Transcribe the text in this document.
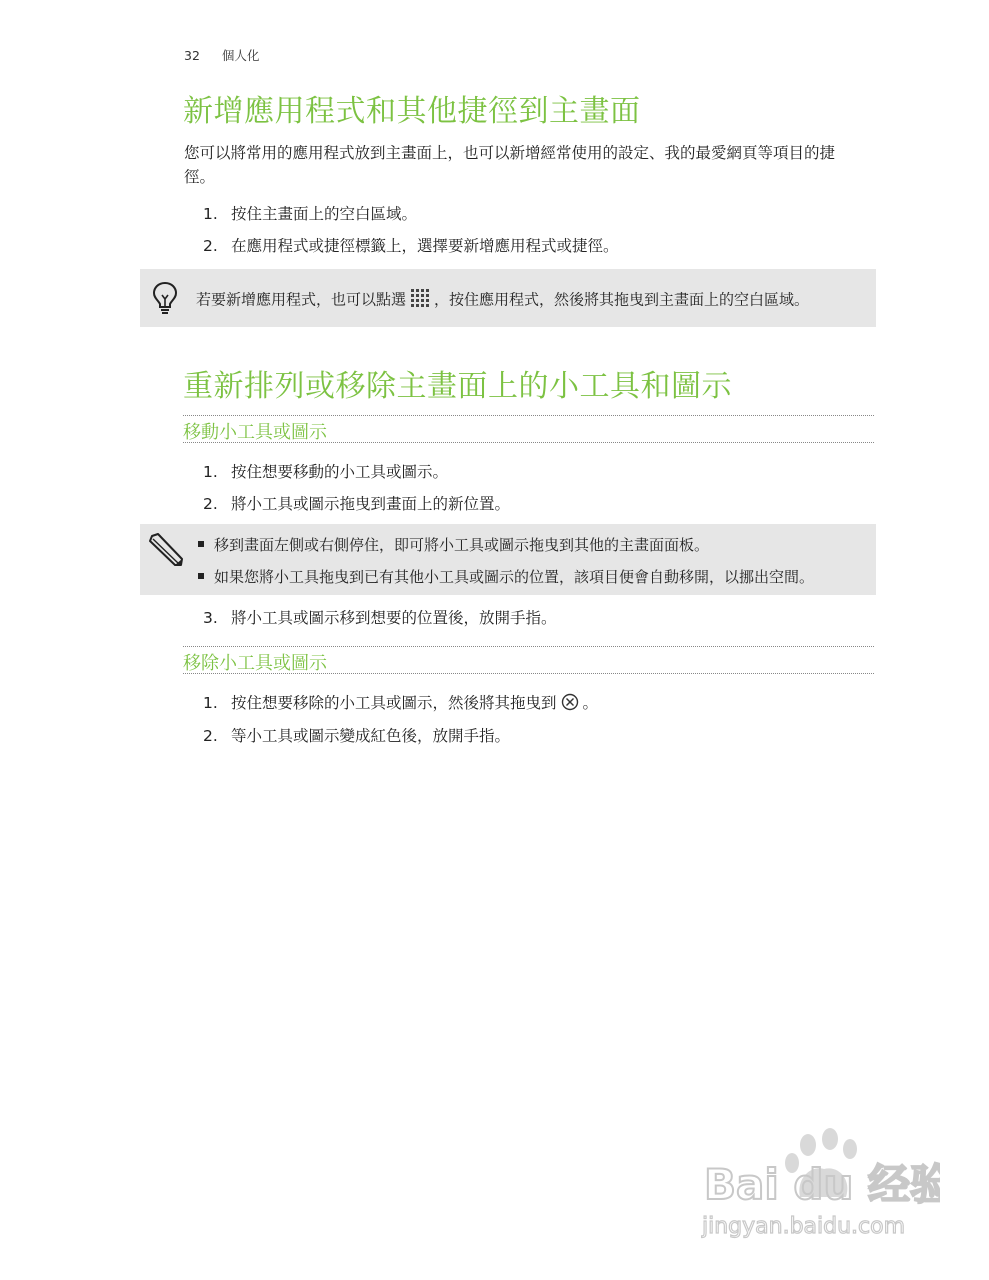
32 個人化
新增應用程式和其他捷徑到主畫面

您可以將常用的應用程式放到主畫面上，也可以新增經常使用的設定、我的最愛網頁等項目的捷
徑。

1. 按住主畫面上的空白區域。
2. 在應用程式或捷徑標籤上，選擇要新增應用程式或捷徑。
若要新增應用程式，也可以點選 ，按住應用程式，然後將其拖曳到主畫面上的空白區域。
重新排列或移除主畫面上的小工具和圖示
移動小工具或圖示
1. 按住想要移動的小工具或圖示。
2. 將小工具或圖示拖曳到畫面上的新位置。
移到畫面左側或右側停住，即可將小工具或圖示拖曳到其他的主畫面面板。
如果您將小工具拖曳到已有其他小工具或圖示的位置，該項目便會自動移開，以挪出空間。
3. 將小工具或圖示移到想要的位置後，放開手指。
移除小工具或圖示
1. 按住想要移除的小工具或圖示，然後將其拖曳到 。
2. 等小工具或圖示變成紅色後，放開手指。
Bai du 经验
jingyan.baidu.com
